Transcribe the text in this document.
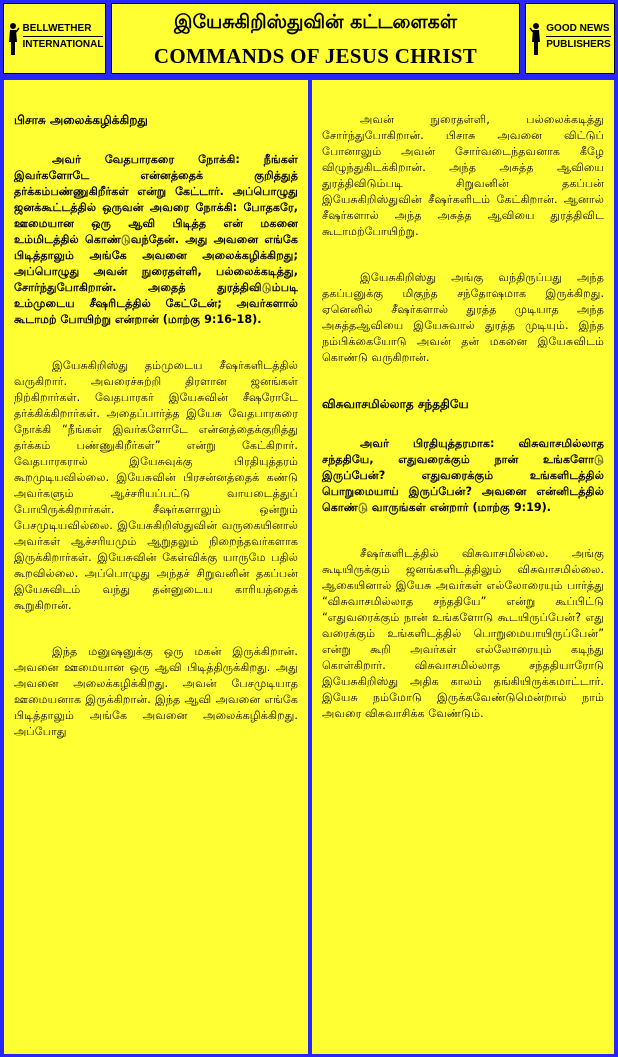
BELLWETHER
INTERNATIONAL
இயேசுகிறிஸ்துவின் கட்டளைகள்
COMMANDS OF JESUS CHRIST
GOOD NEWS
PUBLISHERS
பிசாசு அலைக்கழிக்கிறது

அவர் வேதபாரகரை நோக்கி: நீங்கள் இவர்களோடே என்னத்தைக் குறித்துத் தர்க்கம்பண்ணுகிறீர்கள் என்று கேட்டார். அப்பொழுது ஜனக்கூட்டத்தில் ஒருவன் அவரை நோக்கி: போதகரே, ஊமையான ஒரு ஆவி பிடித்த என் மகனை உம்மிடத்தில் கொண்டுவந்தேன். அது அவனை எங்கே பிடித்தாலும் அங்கே அவனை அலைக்கழிக்கிறது; அப்பொழுது அவன் நுரைதள்ளி, பல்லைக்கடித்து, சோர்ந்துபோகிறான். அதைத் துரத்திவிடும்படி உம்முடைய சீஷரிடத்தில் கேட்டேன்; அவர்களால் கூடாமற் போயிற்று என்றான் (மாற்கு 9:16-18).

இயேசுகிறிஸ்து தம்முடைய சீஷர்களிடத்தில் வருகிறார். அவரைச்சுற்றி திரளான ஜனங்கள் நிற்கிறார்கள். வேதபாரகர் இயேசுவின் சீஷரோடே தர்க்கிக்கிறார்கள். அதைப்பார்த்த இயேசு வேதபாரகரை நோக்கி “நீங்கள் இவர்களோடே என்னத்தைக்குறித்து தர்க்கம் பண்ணுகிறீர்கள்” என்று கேட்கிறார். வேதபாரகரால் இயேசுவுக்கு பிரதியுத்தரம் கூறமுடியவில்லை. இயேசுவின் பிரசன்னத்தைக் கண்டு அவர்களும் ஆச்சரியப்பட்டு வாயடைத்துப் போயிருக்கிறார்கள். சீஷர்களாலும் ஒன்றும் பேசமுடியவில்லை. இயேசுகிறிஸ்துவின் வருகையினால் அவர்கள் ஆச்சரியமும் ஆறுதலும் நிறைந்தவர்களாக இருக்கிறார்கள். இயேசுவின் கேள்விக்கு யாருமே பதில் கூறவில்லை. அப்பொழுது அந்தச் சிறுவனின் தகப்பன் இயேசுவிடம் வந்து தன்னுடைய காரியத்தைக் கூறுகிறான்.

இந்த மனுஷனுக்கு ஒரு மகன் இருக்கிறான். அவனை ஊமையான ஒரு ஆவி பிடித்திருக்கிறது. அது அவனை அலைக்கழிக்கிறது. அவன் பேசமுடியாத ஊமையனாக இருக்கிறான். இந்த ஆவி அவனை எங்கே பிடித்தாலும் அங்கே அவனை அலைக்கழிக்கிறது. அப்போது

அவன் நுரைதள்ளி, பல்லைக்கடித்து சோர்ந்துபோகிறான். பிசாசு அவனை விட்டுப் போனாலும் அவன் சோர்வடைந்தவனாக கீழே விழுந்துகிடக்கிறான். அந்த அசுத்த ஆவியை துரத்திவிடும்படி சிறுவனின் தகப்பன் இயேசுகிறிஸ்துவின் சீஷர்களிடம் கேட்கிறான். ஆனால் சீஷர்களால் அந்த அசுத்த ஆவியை துரத்திவிட கூடாமற்போயிற்று.

இயேசுகிறிஸ்து அங்கு வந்திருப்பது அந்த தகப்பனுக்கு மிகுந்த சந்தோஷமாக இருக்கிறது. ஏனெனில் சீஷர்களால் துரத்த முடியாத அந்த அசுத்தஆவியை இயேசுவால் துரத்த முடியும். இந்த நம்பிக்கையோடு அவன் தன் மகனை இயேசுவிடம் கொண்டு வருகிறான்.

விசுவாசமில்லாத சந்ததியே

அவர் பிரதியுத்தரமாக: விசுவாசமில்லாத சந்ததியே, எதுவரைக்கும் நான் உங்களோடு இருப்பேன்? எதுவரைக்கும் உங்களிடத்தில் பொறுமையாய் இருப்பேன்? அவனை என்னிடத்தில் கொண்டு வாருங்கள் என்றார் (மாற்கு 9:19).

சீஷர்களிடத்தில் விசுவாசமில்லை. அங்கு கூடியிருக்கும் ஜனங்களிடத்திலும் விசுவாசமில்லை. ஆகையினால் இயேசு அவர்கள் எல்லோரையும் பார்த்து “விசுவாசமில்லாத சந்ததியே” என்று கூப்பிட்டு “எதுவரைக்கும் நான் உங்களோடு கூடயிருப்பேன்? எது வரைக்கும் உங்களிடத்தில் பொறுமையாயிருப்பேன்” என்று கூறி அவர்கள் எல்லோரையும் கடிந்து கொள்கிறார். விசுவாசமில்லாத சந்ததியாரோடு இயேசுகிறிஸ்து அதிக காலம் தங்கியிருக்கமாட்டார். இயேசு நம்மோடு இருக்கவேண்டுமென்றால் நாம் அவரை விசுவாசிக்க வேண்டும்.
